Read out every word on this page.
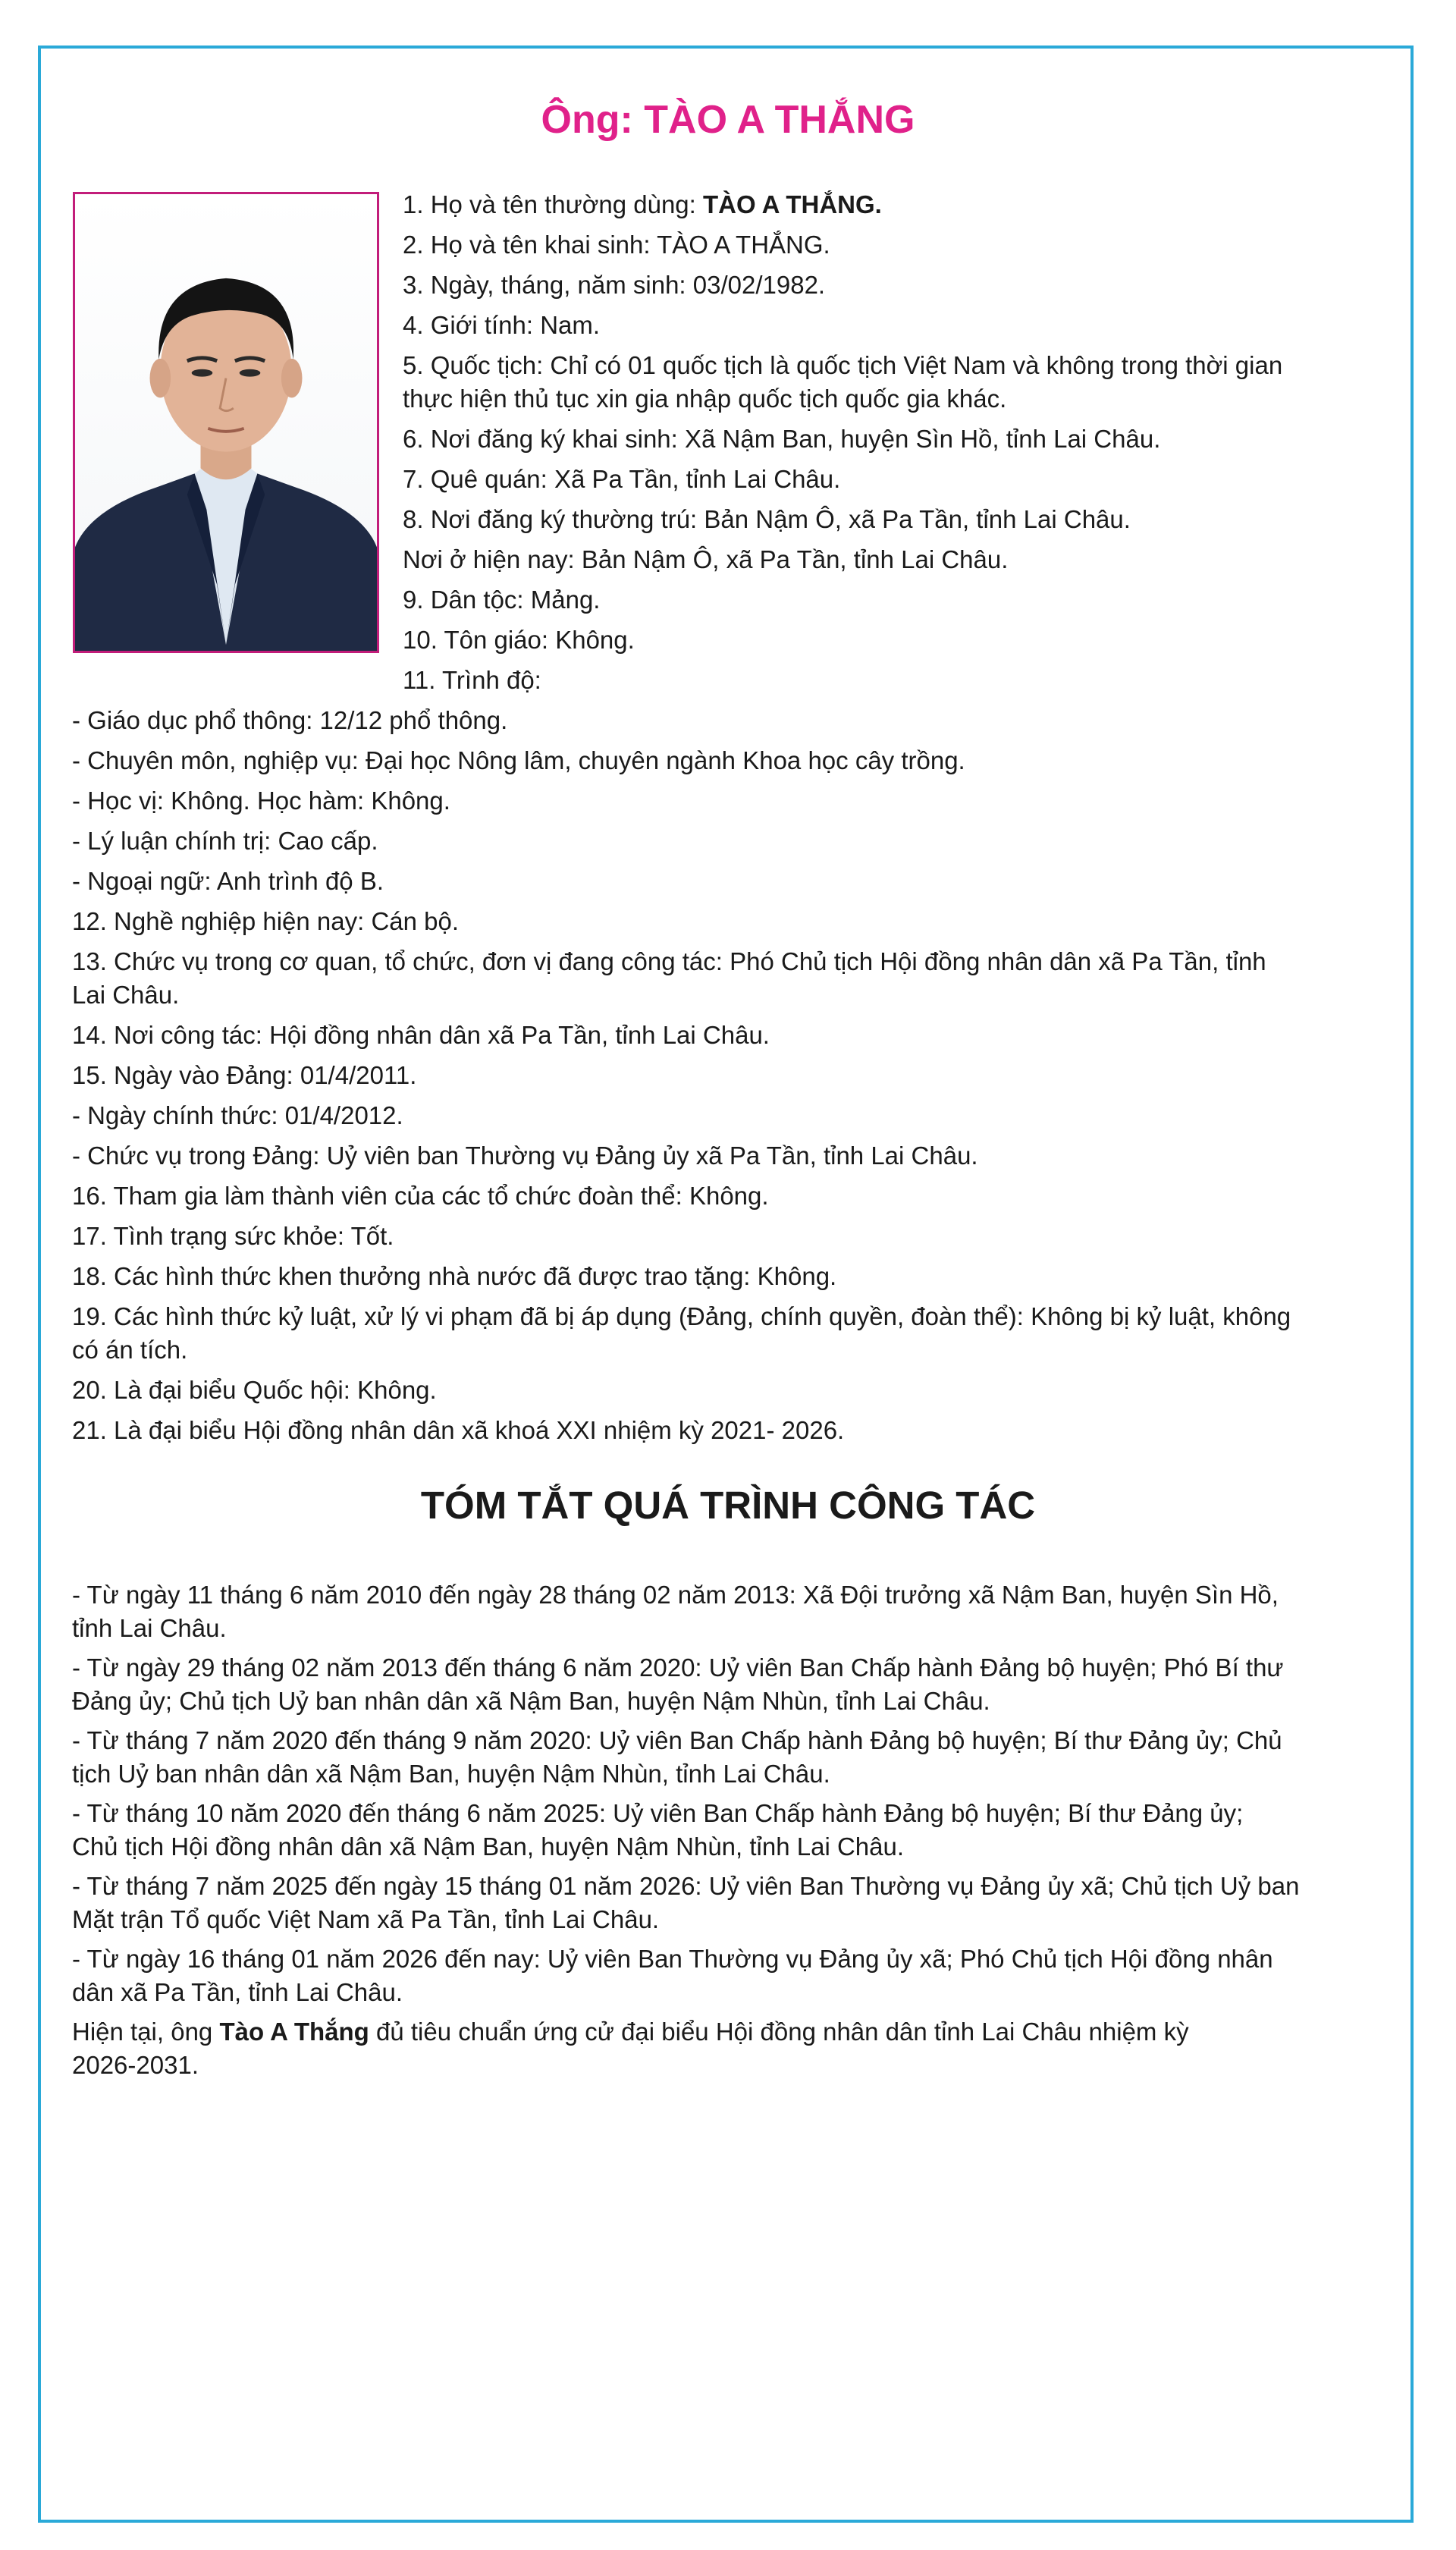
Ông: TÀO A THẮNG

1. Họ và tên thường dùng: TÀO A THẮNG.

2. Họ và tên khai sinh: TÀO A THẮNG.

3. Ngày, tháng, năm sinh: 03/02/1982.

4. Giới tính: Nam.

5. Quốc tịch: Chỉ có 01 quốc tịch là quốc tịch Việt Nam và không trong thời gian

thực hiện thủ tục xin gia nhập quốc tịch quốc gia khác.

6. Nơi đăng ký khai sinh: Xã Nậm Ban, huyện Sìn Hồ, tỉnh Lai Châu.

7. Quê quán: Xã Pa Tần, tỉnh Lai Châu.

8. Nơi đăng ký thường trú: Bản Nậm Ô, xã Pa Tần, tỉnh Lai Châu.

Nơi ở hiện nay: Bản Nậm Ô, xã Pa Tần, tỉnh Lai Châu.

9. Dân tộc: Mảng.

10. Tôn giáo: Không.

11. Trình độ:

- Giáo dục phổ thông: 12/12 phổ thông.

- Chuyên môn, nghiệp vụ: Đại học Nông lâm, chuyên ngành Khoa học cây trồng.

- Học vị: Không. Học hàm: Không.

- Lý luận chính trị: Cao cấp.

- Ngoại ngữ: Anh trình độ B.

12. Nghề nghiệp hiện nay: Cán bộ.

13. Chức vụ trong cơ quan, tổ chức, đơn vị đang công tác: Phó Chủ tịch Hội đồng nhân dân xã Pa Tần, tỉnh

Lai Châu.

14. Nơi công tác: Hội đồng nhân dân xã Pa Tần, tỉnh Lai Châu.

15. Ngày vào Đảng: 01/4/2011.

- Ngày chính thức: 01/4/2012.

- Chức vụ trong Đảng: Uỷ viên ban Thường vụ Đảng ủy xã Pa Tần, tỉnh Lai Châu.

16. Tham gia làm thành viên của các tổ chức đoàn thể: Không.

17. Tình trạng sức khỏe: Tốt.

18. Các hình thức khen thưởng nhà nước đã được trao tặng: Không.

19. Các hình thức kỷ luật, xử lý vi phạm đã bị áp dụng (Đảng, chính quyền, đoàn thể): Không bị kỷ luật, không

có án tích.

20. Là đại biểu Quốc hội: Không.

21. Là đại biểu Hội đồng nhân dân xã khoá XXI nhiệm kỳ 2021- 2026.

TÓM TẮT QUÁ TRÌNH CÔNG TÁC

- Từ ngày 11 tháng 6 năm 2010 đến ngày 28 tháng 02 năm 2013: Xã Đội trưởng xã Nậm Ban, huyện Sìn Hồ,

tỉnh Lai Châu.

- Từ ngày 29 tháng 02 năm 2013 đến tháng 6 năm 2020: Uỷ viên Ban Chấp hành Đảng bộ huyện; Phó Bí thư

Đảng ủy; Chủ tịch Uỷ ban nhân dân xã Nậm Ban, huyện Nậm Nhùn, tỉnh Lai Châu.

- Từ tháng 7 năm 2020 đến tháng 9 năm 2020: Uỷ viên Ban Chấp hành Đảng bộ huyện; Bí thư Đảng ủy; Chủ

tịch Uỷ ban nhân dân xã Nậm Ban, huyện Nậm Nhùn, tỉnh Lai Châu.

- Từ tháng 10 năm 2020 đến tháng 6 năm 2025: Uỷ viên Ban Chấp hành Đảng bộ huyện; Bí thư Đảng ủy;

Chủ tịch Hội đồng nhân dân xã Nậm Ban, huyện Nậm Nhùn, tỉnh Lai Châu.

- Từ tháng 7 năm 2025 đến ngày 15 tháng 01 năm 2026: Uỷ viên Ban Thường vụ Đảng ủy xã; Chủ tịch Uỷ ban

Mặt trận Tổ quốc Việt Nam xã Pa Tần, tỉnh Lai Châu.

- Từ ngày 16 tháng 01 năm 2026 đến nay: Uỷ viên Ban Thường vụ Đảng ủy xã; Phó Chủ tịch Hội đồng nhân

dân xã Pa Tần, tỉnh Lai Châu.

Hiện tại, ông Tào A Thắng đủ tiêu chuẩn ứng cử đại biểu Hội đồng nhân dân tỉnh Lai Châu nhiệm kỳ

2026-2031.
